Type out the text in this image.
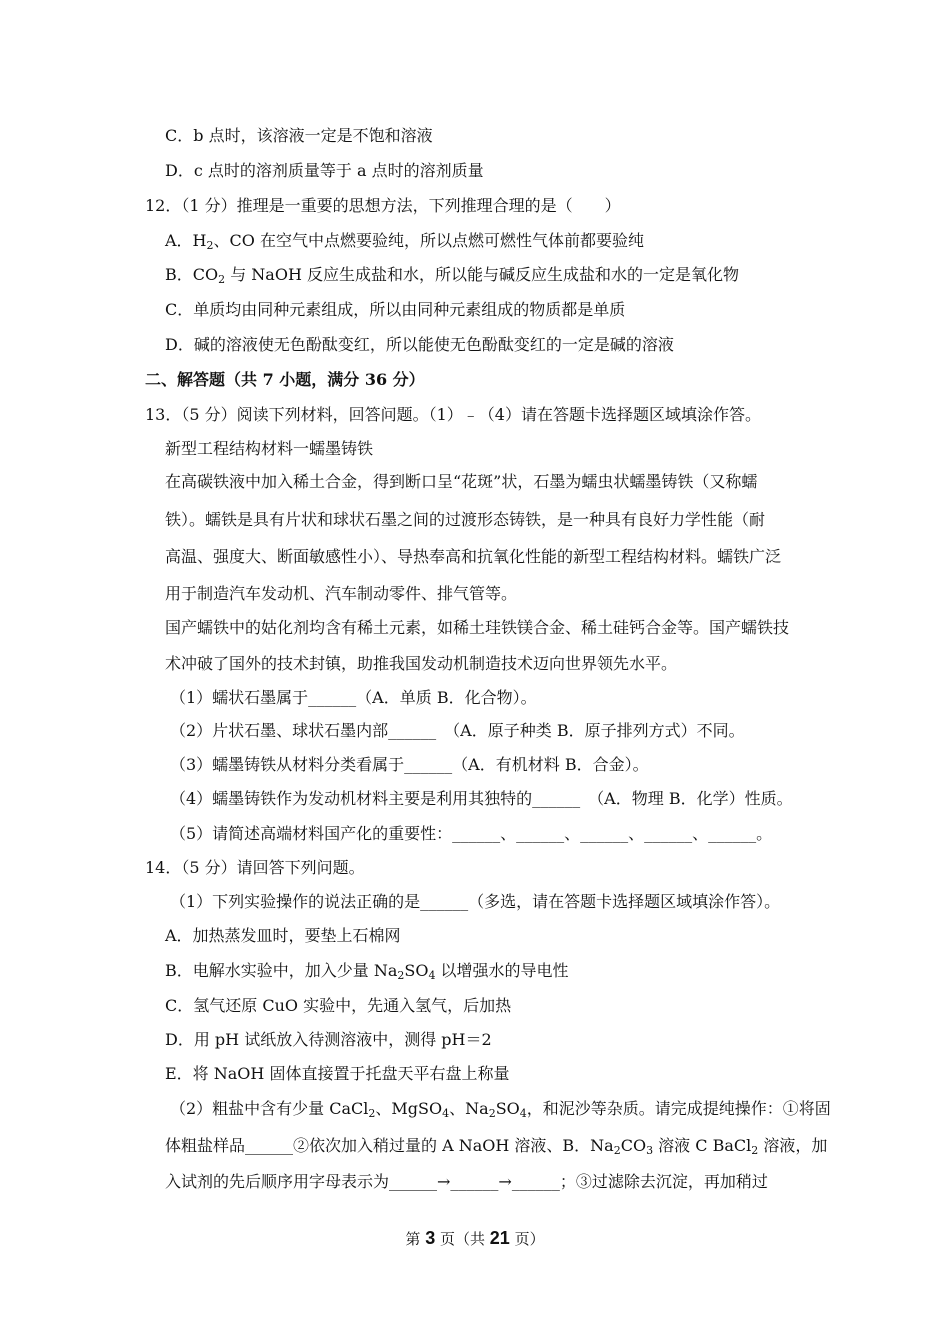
C．b 点时，该溶液一定是不饱和溶液
D．c 点时的溶剂质量等于 a 点时的溶剂质量
12．（1 分）推理是一重要的思想方法，下列推理合理的是（　　）
A．$H_2$、CO 在空气中点燃要验纯，所以点燃可燃性气体前都要验纯
B．$CO_2$ 与 NaOH 反应生成盐和水，所以能与碱反应生成盐和水的一定是氧化物
C．单质均由同种元素组成，所以由同种元素组成的物质都是单质
D．碱的溶液使无色酚酞变红，所以能使无色酚酞变红的一定是碱的溶液
二、解答题（共 7 小题，满分 36 分）
13．（5 分）阅读下列材料，回答问题。（1）﹣（4）请在答题卡选择题区域填涂作答。
新型工程结构材料一蠕墨铸铁
在高碳铁液中加入稀土合金，得到断口呈“花斑”状，石墨为蠕虫状蠕墨铸铁（又称蠕
铁）。蠕铁是具有片状和球状石墨之间的过渡形态铸铁，是一种具有良好力学性能（耐
高温、强度大、断面敏感性小）、导热奉高和抗氧化性能的新型工程结构材料。蠕铁广泛
用于制造汽车发动机、汽车制动零件、排气管等。
国产蠕铁中的姑化剂均含有稀土元素，如稀土珪铁镁合金、稀土硅钙合金等。国产蠕铁技
术冲破了国外的技术封镇，助推我国发动机制造技术迈向世界领先水平。
（1）蠕状石墨属于______（A．单质 B．化合物）。
（2）片状石墨、球状石墨内部______　（A．原子种类 B．原子排列方式）不同。
（3）蠕墨铸铁从材料分类看属于______（A．有机材料 B．合金）。
（4）蠕墨铸铁作为发动机材料主要是利用其独特的______　（A．物理 B．化学）性质。
（5）请简述高端材料国产化的重要性：______、______、______、______、______。
14．（5 分）请回答下列问题。
（1）下列实验操作的说法正确的是______（多选，请在答题卡选择题区域填涂作答）。
A．加热蒸发皿时，要垫上石棉网
B．电解水实验中，加入少量 $Na_2SO_4$ 以增强水的导电性
C．氢气还原 CuO 实验中，先通入氢气，后加热
D．用 pH 试纸放入待测溶液中，测得 pH＝2
E．将 NaOH 固体直接置于托盘天平右盘上称量
（2）粗盐中含有少量 CaCl$_2$、MgSO$_4$、$Na_2SO_4$，和泥沙等杂质。请完成提纯操作：①将固
体粗盐样品______②依次加入稍过量的 A NaOH 溶液、B．$Na_2CO_3$ 溶液 C BaCl$_2$ 溶液，加
入试剂的先后顺序用字母表示为______→______→______；③过滤除去沉淀，再加稍过
第 3 页（共 21 页）
